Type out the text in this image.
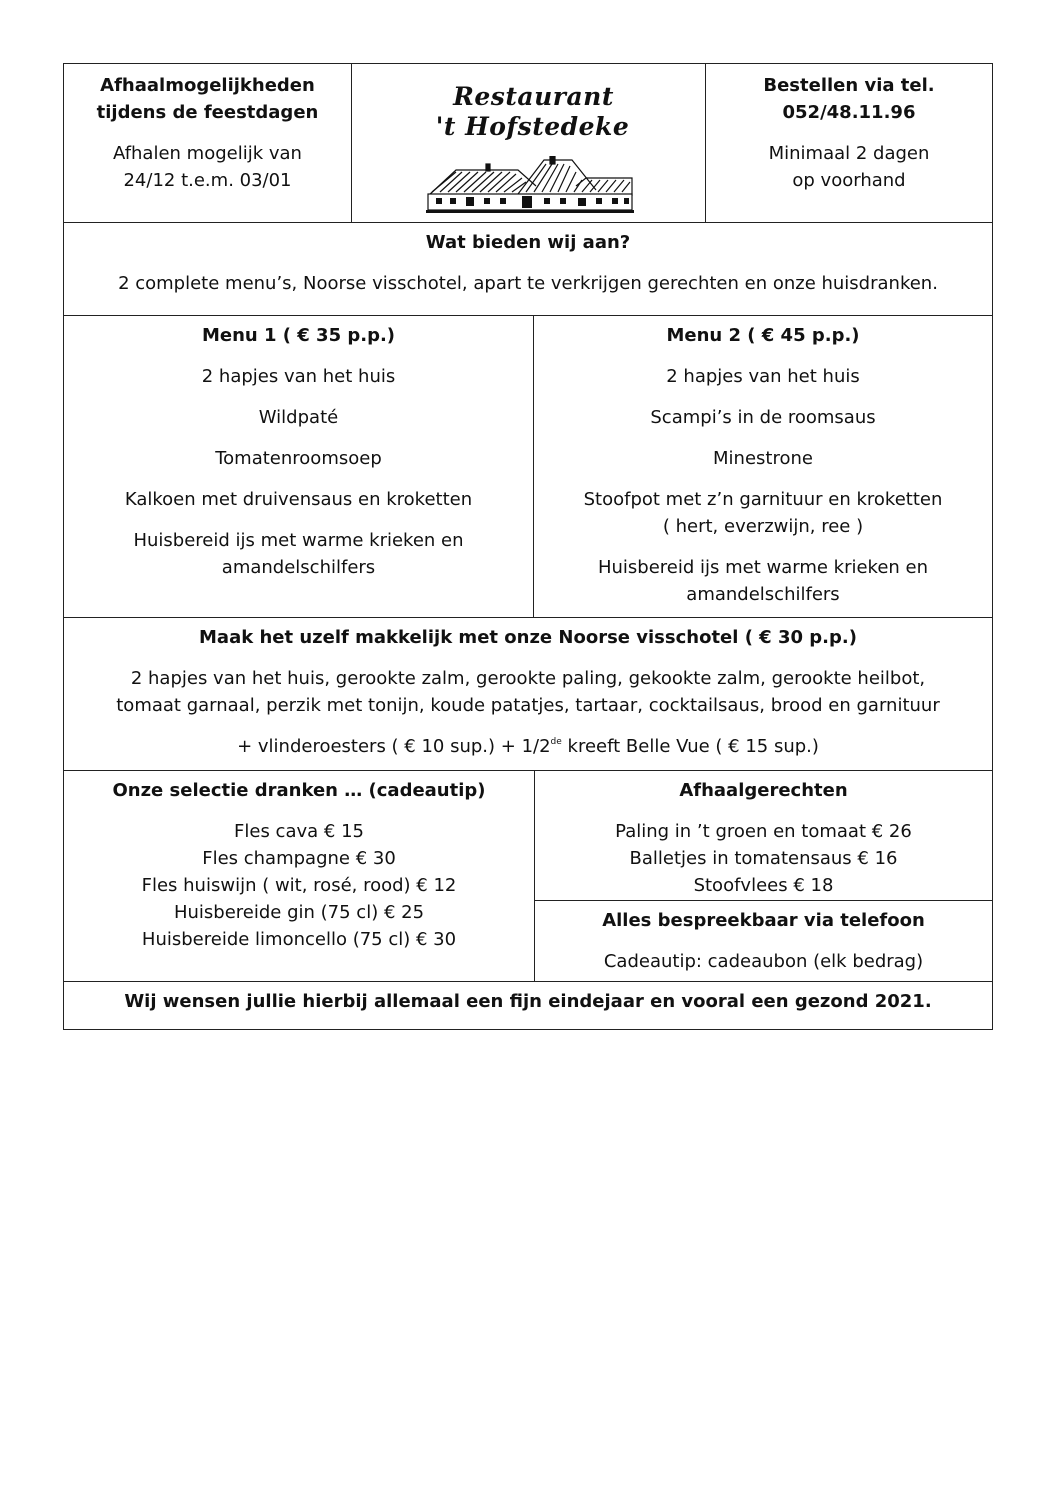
Afhaalmogelijkheden

tijdens de feestdagen

Afhalen mogelijk van

24/12 t.e.m. 03/01

Restaurant
't Hofstedeke

Bestellen via tel.

052/48.11.96

Minimaal 2 dagen

op voorhand

Wat bieden wij aan?

2 complete menu’s, Noorse visschotel, apart te verkrijgen gerechten en onze huisdranken.

Menu 1 ( € 35 p.p.)

2 hapjes van het huis

Wildpaté

Tomatenroomsoep

Kalkoen met druivensaus en kroketten

Huisbereid ijs met warme krieken en

amandelschilfers

Menu 2 ( € 45 p.p.)

2 hapjes van het huis

Scampi’s in de roomsaus

Minestrone

Stoofpot met z’n garnituur en kroketten

( hert, everzwijn, ree )

Huisbereid ijs met warme krieken en

amandelschilfers

Maak het uzelf makkelijk met onze Noorse visschotel ( € 30 p.p.)

2 hapjes van het huis, gerookte zalm, gerookte paling, gekookte zalm, gerookte heilbot,

tomaat garnaal, perzik met tonijn, koude patatjes, tartaar, cocktailsaus, brood en garnituur

+ vlinderoesters ( € 10 sup.) + 1/2de kreeft Belle Vue ( € 15 sup.)

Onze selectie dranken … (cadeautip)

Fles cava € 15

Fles champagne € 30

Fles huiswijn ( wit, rosé, rood) € 12

Huisbereide gin (75 cl) € 25

Huisbereide limoncello (75 cl) € 30

Afhaalgerechten

Paling in ’t groen en tomaat € 26

Balletjes in tomatensaus € 16

Stoofvlees € 18

Alles bespreekbaar via telefoon

Cadeautip: cadeaubon (elk bedrag)

Wij wensen jullie hierbij allemaal een fijn eindejaar en vooral een gezond 2021.
